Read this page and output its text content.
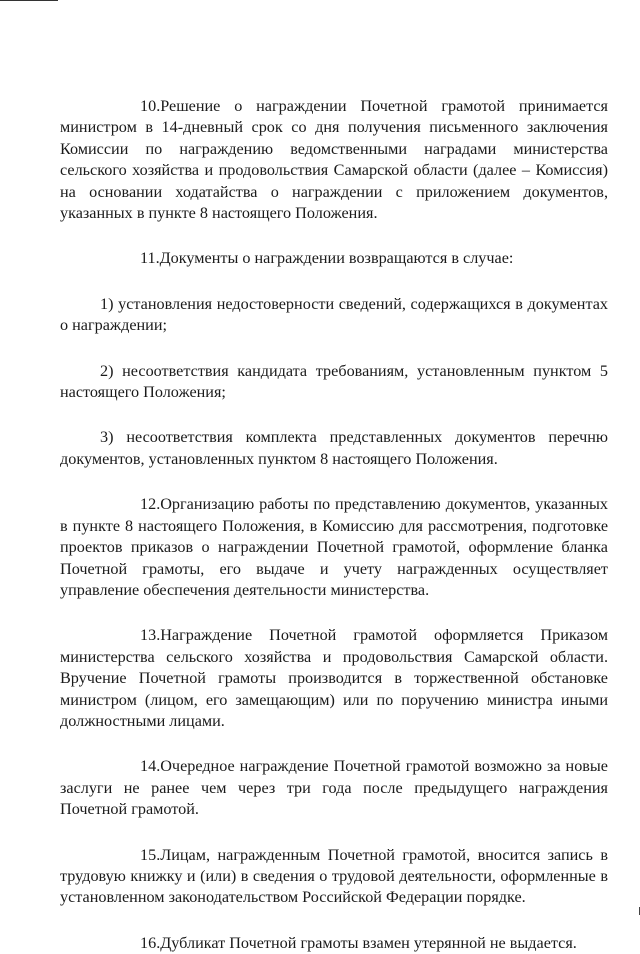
10.Решение о награждении Почетной грамотой принимается министром в 14-дневный срок со дня получения письменного заключения Комиссии по награждению ведомственными наградами министерства сельского хозяйства и продовольствия Самарской области (далее – Комиссия) на основании ходатайства о награждении с приложением документов, указанных в пункте 8 настоящего Положения.

11.Документы о награждении возвращаются в случае:

1) установления недостоверности сведений, содержащихся в документах о награждении;

2) несоответствия кандидата требованиям, установленным пунктом 5 настоящего Положения;

3) несоответствия комплекта представленных документов перечню документов, установленных пунктом 8 настоящего Положения.

12.Организацию работы по представлению документов, указанных в пункте 8 настоящего Положения, в Комиссию для рассмотрения, подготовке проектов приказов о награждении Почетной грамотой, оформление бланка Почетной грамоты, его выдаче и учету награжденных осуществляет управление обеспечения деятельности министерства.

13.Награждение Почетной грамотой оформляется Приказом министерства сельского хозяйства и продовольствия Самарской области. Вручение Почетной грамоты производится в торжественной обстановке министром (лицом, его замещающим) или по поручению министра иными должностными лицами.

14.Очередное награждение Почетной грамотой возможно за новые заслуги не ранее чем через три года после предыдущего награждения Почетной грамотой.

15.Лицам, награжденным Почетной грамотой, вносится запись в трудовую книжку и (или) в сведения о трудовой деятельности, оформленные в установленном законодательством Российской Федерации порядке.

16.Дубликат Почетной грамоты взамен утерянной не выдается.
